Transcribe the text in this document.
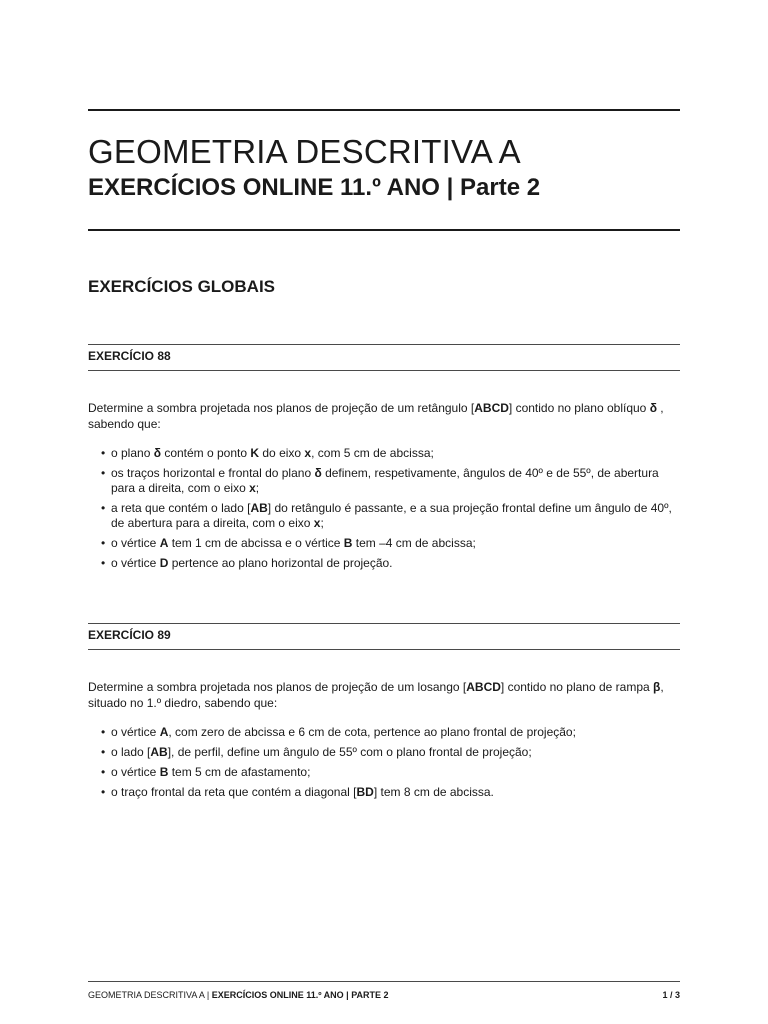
GEOMETRIA DESCRITIVA A
EXERCÍCIOS ONLINE 11.º ANO | Parte 2
EXERCÍCIOS GLOBAIS
EXERCÍCIO 88
Determine a sombra projetada nos planos de projeção de um retângulo [ABCD] contido no plano oblíquo δ , sabendo que:
• o plano δ contém o ponto K do eixo x, com 5 cm de abcissa;
• os traços horizontal e frontal do plano δ definem, respetivamente, ângulos de 40º e de 55º, de abertura para a direita, com o eixo x;
• a reta que contém o lado [AB] do retângulo é passante, e a sua projeção frontal define um ângulo de 40º, de abertura para a direita, com o eixo x;
• o vértice A tem 1 cm de abcissa e o vértice B tem –4 cm de abcissa;
• o vértice D pertence ao plano horizontal de projeção.
EXERCÍCIO 89
Determine a sombra projetada nos planos de projeção de um losango [ABCD] contido no plano de rampa β, situado no 1.º diedro, sabendo que:
• o vértice A, com zero de abcissa e 6 cm de cota, pertence ao plano frontal de projeção;
• o lado [AB], de perfil, define um ângulo de 55º com o plano frontal de projeção;
• o vértice B tem 5 cm de afastamento;
• o traço frontal da reta que contém a diagonal [BD] tem 8 cm de abcissa.
GEOMETRIA DESCRITIVA A | EXERCÍCIOS ONLINE 11.º ANO | PARTE 2	1 / 3
